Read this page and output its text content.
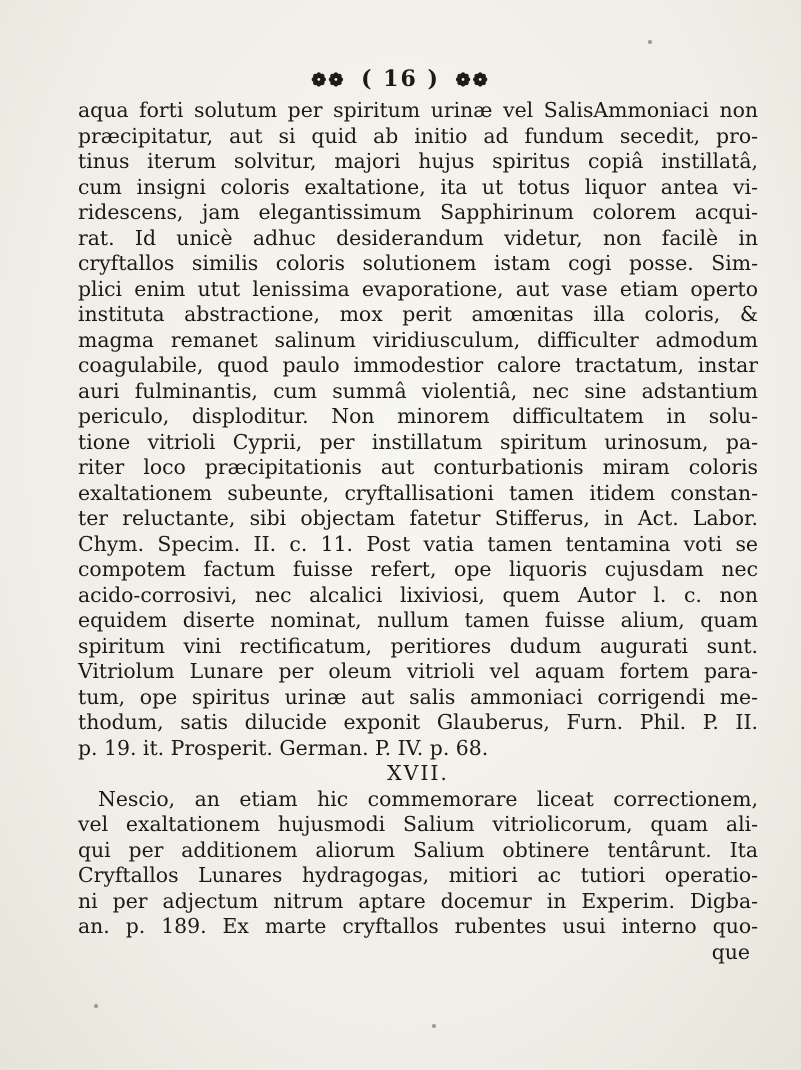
❁❁ ( 16 ) ❁❁
aqua forti solutum per spiritum urinæ vel SalisAmmoniaci non
præcipitatur, aut si quid ab initio ad fundum secedit, pro-
tinus iterum solvitur, majori hujus spiritus copiâ instillatâ,
cum insigni coloris exaltatione, ita ut totus liquor antea vi-
ridescens, jam elegantissimum Sapphirinum colorem acqui-
rat. Id unicè adhuc desiderandum videtur, non facilè in
cryftallos similis coloris solutionem istam cogi posse. Sim-
plici enim utut lenissima evaporatione, aut vase etiam operto
instituta abstractione, mox perit amœnitas illa coloris, &
magma remanet salinum viridiusculum, difficulter admodum
coagulabile, quod paulo immodestior calore tractatum, instar
auri fulminantis, cum summâ violentiâ, nec sine adstantium
periculo, disploditur. Non minorem difficultatem in solu-
tione vitrioli Cyprii, per instillatum spiritum urinosum, pa-
riter loco præcipitationis aut conturbationis miram coloris
exaltationem subeunte, cryftallisationi tamen itidem constan-
ter reluctante, sibi objectam fatetur Stifferus, in Act. Labor.
Chym. Specim. II. c. 11. Post vatia tamen tentamina voti se
compotem factum fuisse refert, ope liquoris cujusdam nec
acido-corrosivi, nec alcalici lixiviosi, quem Autor l. c. non
equidem diserte nominat, nullum tamen fuisse alium, quam
spiritum vini rectificatum, peritiores dudum augurati sunt.
Vitriolum Lunare per oleum vitrioli vel aquam fortem para-
tum, ope spiritus urinæ aut salis ammoniaci corrigendi me-
thodum, satis dilucide exponit Glauberus, Furn. Phil. P. II.
p. 19. it. Prosperit. German. P. IV. p. 68.
XVII.
Nescio, an etiam hic commemorare liceat correctionem,
vel exaltationem hujusmodi Salium vitriolicorum, quam ali-
qui per additionem aliorum Salium obtinere tentârunt. Ita
Cryftallos Lunares hydragogas, mitiori ac tutiori operatio-
ni per adjectum nitrum aptare docemur in Experim. Digba-
an. p. 189. Ex marte cryftallos rubentes usui interno quo-
que
